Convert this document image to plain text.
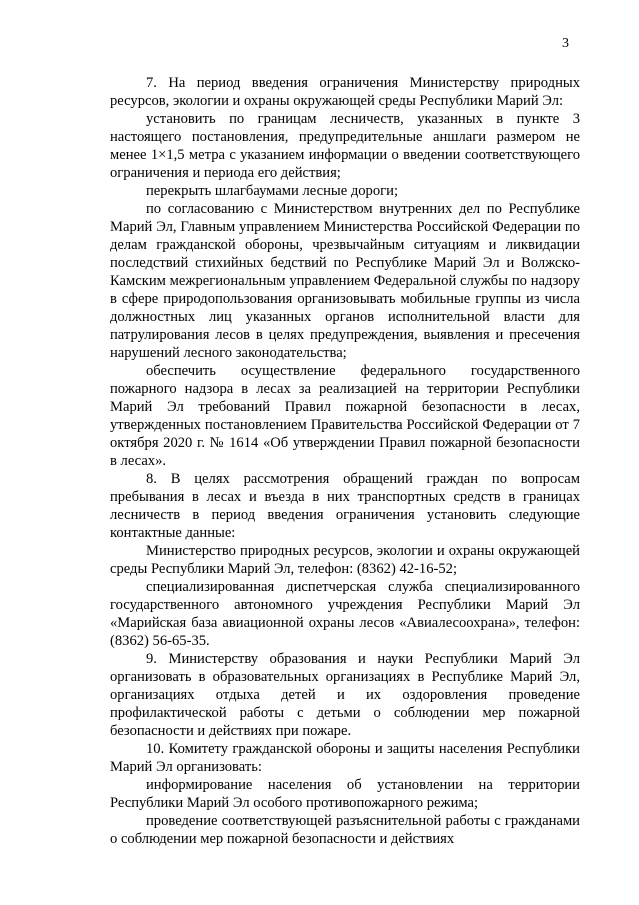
3

7. На период введения ограничения Министерству природных ресурсов, экологии и охраны окружающей среды Республики Марий Эл:

установить по границам лесничеств, указанных в пункте 3 настоящего постановления, предупредительные аншлаги размером не менее 1×1,5 метра с указанием информации о введении соответствующего ограничения и периода его действия;

перекрыть шлагбаумами лесные дороги;

по согласованию с Министерством внутренних дел по Республике Марий Эл, Главным управлением Министерства Российской Федерации по делам гражданской обороны, чрезвычайным ситуациям и ликвидации последствий стихийных бедствий по Республике Марий Эл и Волжско-Камским межрегиональным управлением Федеральной службы по надзору в сфере природопользования организовывать мобильные группы из числа должностных лиц указанных органов исполнительной власти для патрулирования лесов в целях предупреждения, выявления и пресечения нарушений лесного законодательства;

обеспечить осуществление федерального государственного пожарного надзора в лесах за реализацией на территории Республики Марий Эл требований Правил пожарной безопасности в лесах, утвержденных постановлением Правительства Российской Федерации от 7 октября 2020 г. № 1614 «Об утверждении Правил пожарной безопасности в лесах».

8. В целях рассмотрения обращений граждан по вопросам пребывания в лесах и въезда в них транспортных средств в границах лесничеств в период введения ограничения установить следующие контактные данные:

Министерство природных ресурсов, экологии и охраны окружающей среды Республики Марий Эл, телефон: (8362) 42-16-52;

специализированная диспетчерская служба специализированного государственного автономного учреждения Республики Марий Эл «Марийская база авиационной охраны лесов «Авиалесоохрана», телефон: (8362) 56-65-35.

9. Министерству образования и науки Республики Марий Эл организовать в образовательных организациях в Республике Марий Эл, организациях отдыха детей и их оздоровления проведение профилактической работы с детьми о соблюдении мер пожарной безопасности и действиях при пожаре.

10. Комитету гражданской обороны и защиты населения Республики Марий Эл организовать:

информирование населения об установлении на территории Республики Марий Эл особого противопожарного режима;

проведение соответствующей разъяснительной работы с гражданами о соблюдении мер пожарной безопасности и действиях
